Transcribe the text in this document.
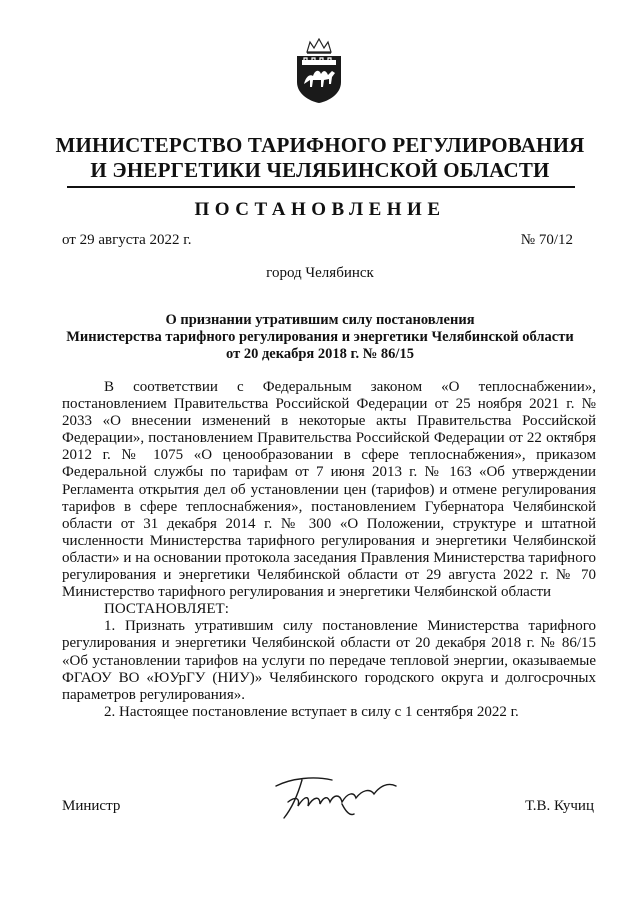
МИНИСТЕРСТВО ТАРИФНОГО РЕГУЛИРОВАНИЯ
И ЭНЕРГЕТИКИ ЧЕЛЯБИНСКОЙ ОБЛАСТИ
ПОСТАНОВЛЕНИЕ
от 29 августа 2022 г.	№ 70/12
город Челябинск
О признании утратившим силу постановления
Министерства тарифного регулирования и энергетики Челябинской области
от 20 декабря 2018 г. № 86/15

В соответствии с Федеральным законом «О теплоснабжении», постановлением Правительства Российской Федерации от 25 ноября 2021 г. № 2033 «О внесении изменений в некоторые акты Правительства Российской Федерации», постановлением Правительства Российской Федерации от 22 октября 2012 г. № 1075 «О ценообразовании в сфере теплоснабжения», приказом Федеральной службы по тарифам от 7 июня 2013 г. № 163 «Об утверждении Регламента открытия дел об установлении цен (тарифов) и отмене регулирования тарифов в сфере теплоснабжения», постановлением Губернатора Челябинской области от 31 декабря 2014 г. № 300 «О Положении, структуре и штатной численности Министерства тарифного регулирования и энергетики Челябинской области» и на основании протокола заседания Правления Министерства тарифного регулирования и энергетики Челябинской области от 29 августа 2022 г. № 70 Министерство тарифного регулирования и энергетики Челябинской области

ПОСТАНОВЛЯЕТ:

1. Признать утратившим силу постановление Министерства тарифного регулирования и энергетики Челябинской области от 20 декабря 2018 г. № 86/15 «Об установлении тарифов на услуги по передаче тепловой энергии, оказываемые ФГАОУ ВО «ЮУрГУ (НИУ)» Челябинского городского округа и долгосрочных параметров регулирования».

2. Настоящее постановление вступает в силу с 1 сентября 2022 г.

Министр	Т.В. Кучиц
